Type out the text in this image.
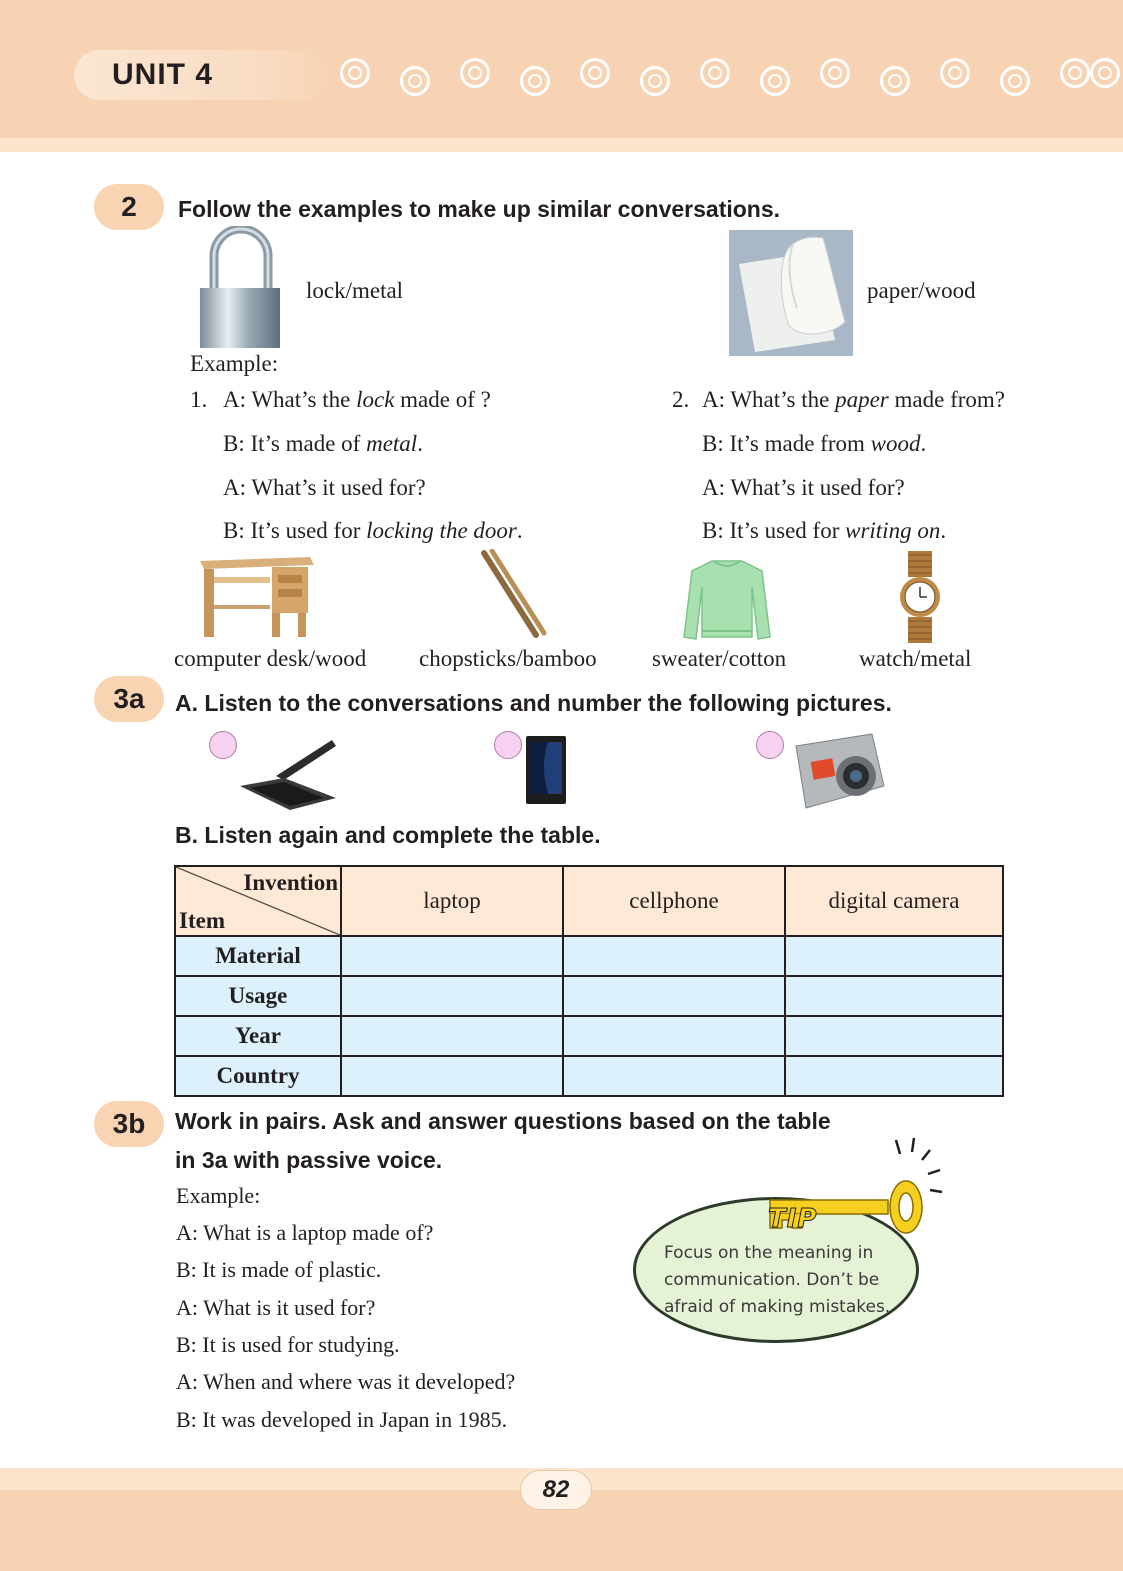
UNIT 4
2	Follow the examples to make up similar conversations.
lock/metal	paper/wood
Example:
1. A: What’s the lock made of ?
B: It’s made of metal.
A: What’s it used for?
B: It’s used for locking the door.
2. A: What’s the paper made from?
B: It’s made from wood.
A: What’s it used for?
B: It’s used for writing on.
computer desk/wood chopsticks/bamboo sweater/cotton	watch/metal
3a	A. Listen to the conversations and number the following pictures.
B. Listen again and complete the table.
Invention
Item	laptop	cellphone	digital camera
Material			
Usage			
Year			
Country			
3b	Work in pairs. Ask and answer questions based on the table
in 3a with passive voice.
Example:
A: What is a laptop made of?
B: It is made of plastic.
A: What is it used for?
B: It is used for studying.
A: When and where was it developed?
B: It was developed in Japan in 1985.
TIP
Focus on the meaning in
communication. Don’t be
afraid of making mistakes.
82
